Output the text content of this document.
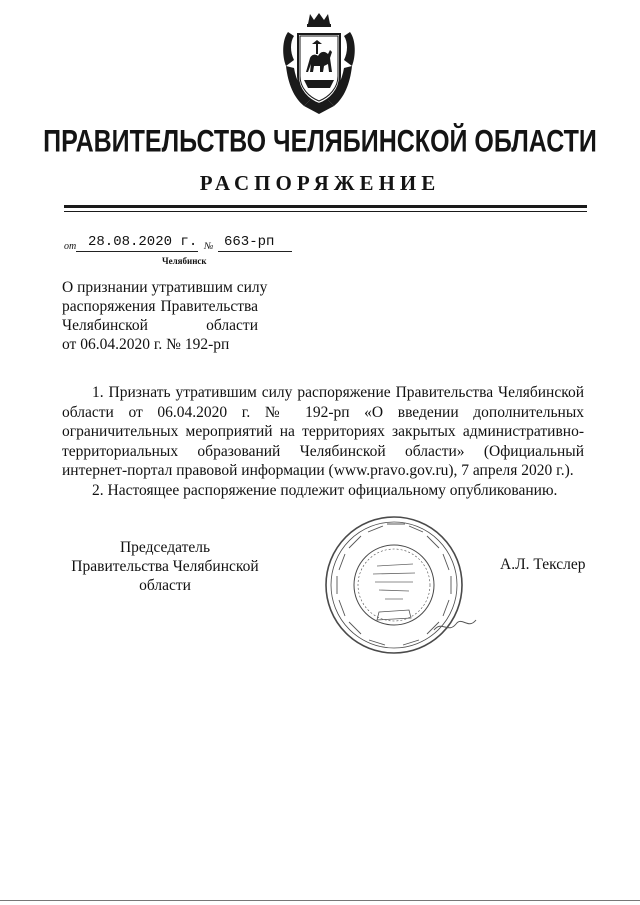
ПРАВИТЕЛЬСТВО ЧЕЛЯБИНСКОЙ ОБЛАСТИ
РАСПОРЯЖЕНИЕ
от 28.08.2020 г. № 663-рп
Челябинск
О признании утратившим силу
распоряжения Правительства
Челябинской	области
от 06.04.2020 г. № 192-рп

1. Признать утратившим силу распоряжение Правительства Челябинской области от 06.04.2020 г. № 192-рп «О введении дополнительных ограничительных мероприятий на территориях закрытых административно-территориальных образований Челябинской области» (Официальный интернет-портал правовой информации (www.pravo.gov.ru), 7 апреля 2020 г.).

2. Настоящее распоряжение подлежит официальному опубликованию.

Председатель
Правительства Челябинской области
А.Л. Текслер
